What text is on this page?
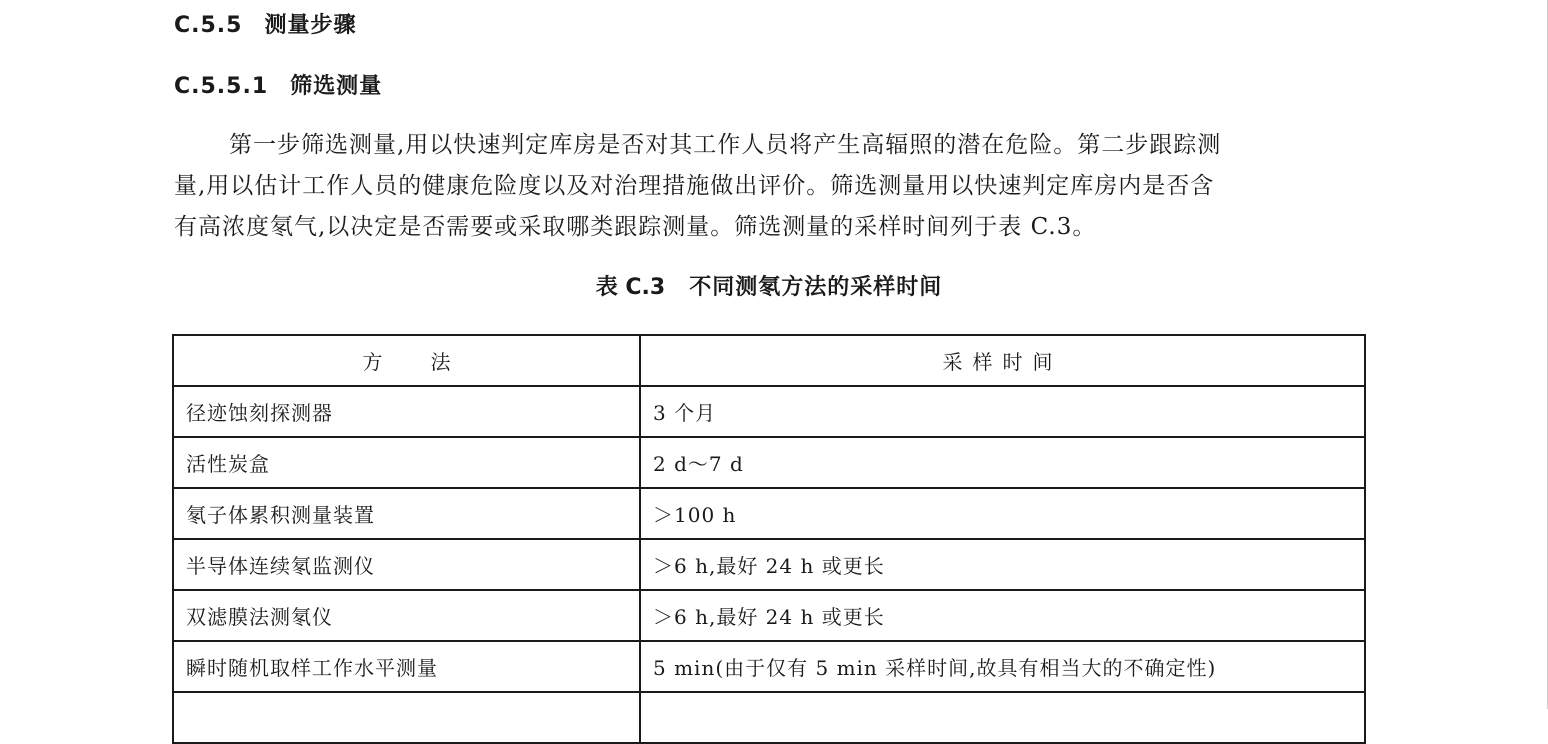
C.5.5 测量步骤
C.5.5.1 筛选测量
第一步筛选测量,用以快速判定库房是否对其工作人员将产生高辐照的潜在危险。第二步跟踪测
量,用以估计工作人员的健康危险度以及对治理措施做出评价。筛选测量用以快速判定库房内是否含
有高浓度氡气,以决定是否需要或采取哪类跟踪测量。筛选测量的采样时间列于表 C.3。
表 C.3 不同测氡方法的采样时间
方 法	采样时间
径迹蚀刻探测器	3 个月
活性炭盒	2 d～7 d
氡子体累积测量装置	＞100 h
半导体连续氡监测仪	＞6 h,最好 24 h 或更长
双滤膜法测氡仪	＞6 h,最好 24 h 或更长
瞬时随机取样工作水平测量	5 min(由于仅有 5 min 采样时间,故具有相当大的不确定性)
